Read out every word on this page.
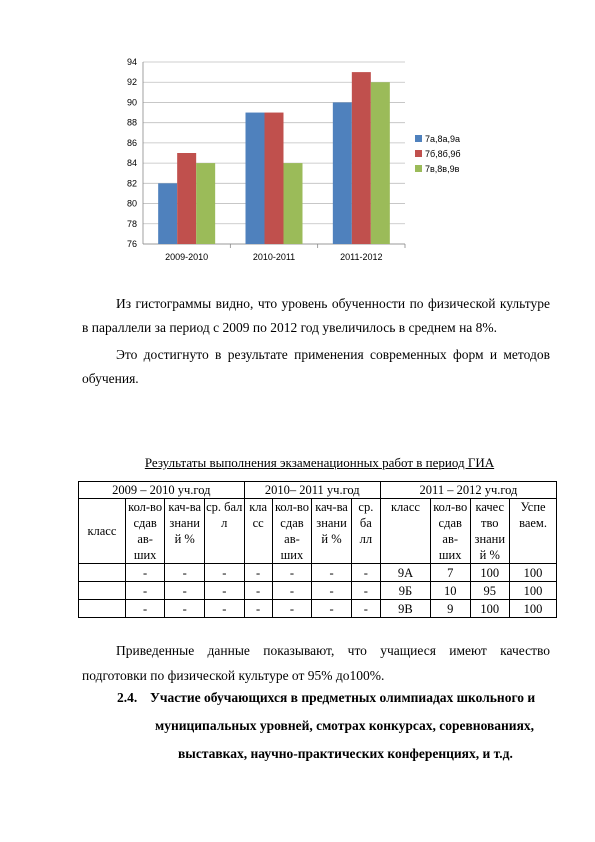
94
92
90
88
86
84
82
80
78
76
2009-2010	2010-2011	2011-2012
7а,8а,9а
7б,8б,9б
7в,8в,9в

Из гистограммы видно, что уровень обученности по физической культуре

в параллели за период с 2009 по 2012 год увеличилось в среднем на 8%.

Это достигнуто в результате применения современных форм и методов

обучения.

Результаты выполнения экзаменационных работ в период ГИА

2009 – 2010 уч.год				2010– 2011 уч.год				2011 – 2012 уч.год			
класс	кол-во сдав ав-ших	кач-ва знаний %	ср. бал л	кла сс	кол-во сдав ав-ших	кач-ва знаний %	ср. ба лл	класс	кол-во сдав ав-ших	качес тво знани й %	Успе ваем.
	-	-	-	-	-	-	-	9А	7	100	100
	-	-	-	-	-	-	-	9Б	10	95	100
	-	-	-	-	-	-	-	9В	9	100	100

Приведенные данные показывают, что учащиеся имеют качество

подготовки по физической культуре от 95% до100%.

2.4. Участие обучающихся в предметных олимпиадах школьного и

муниципальных уровней, смотрах конкурсах, соревнованиях,

выставках, научно-практических конференциях, и т.д.
